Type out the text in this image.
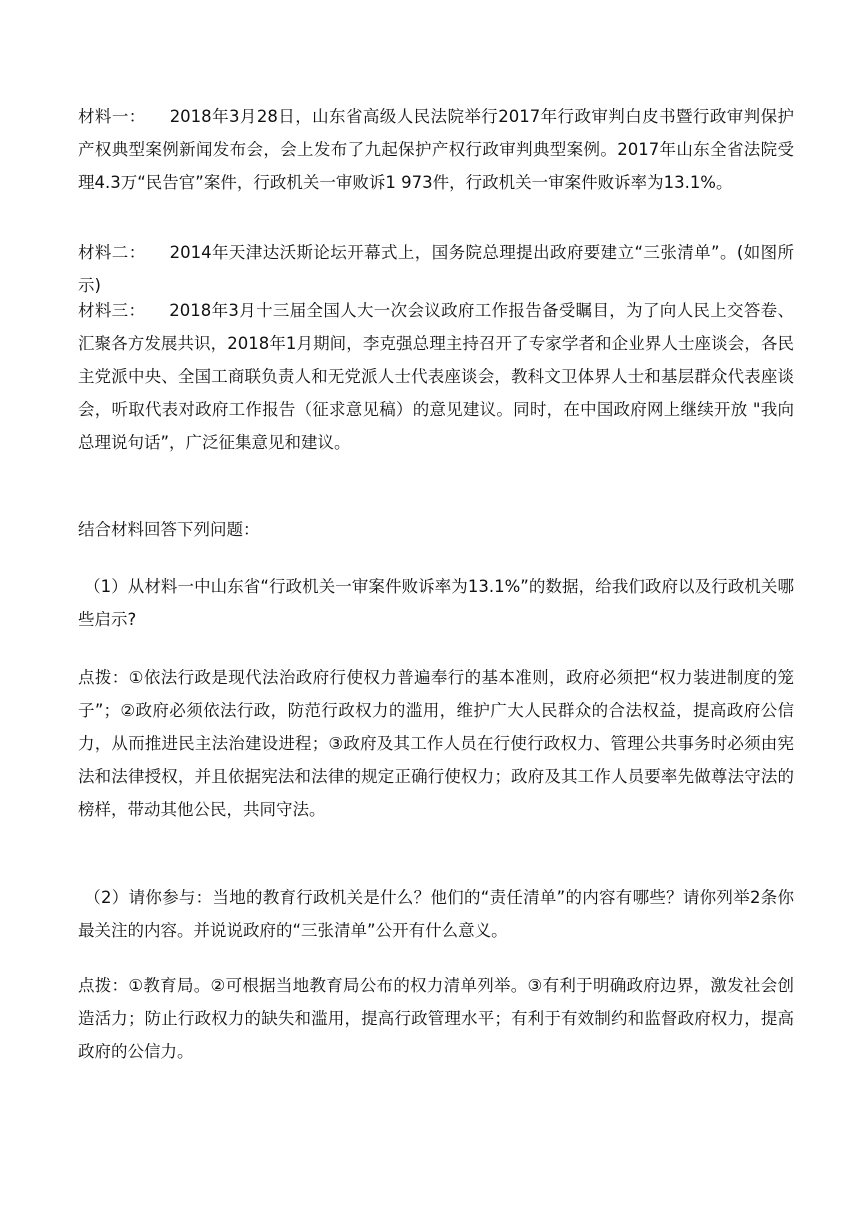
材料一： 2018年3月28日，山东省高级人民法院举行2017年行政审判白皮书暨行政审判保护产权典型案例新闻发布会，会上发布了九起保护产权行政审判典型案例。2017年山东全省法院受理4.3万“民告官”案件，行政机关一审败诉1 973件，行政机关一审案件败诉率为13.1%。

材料二： 2014年天津达沃斯论坛开幕式上，国务院总理提出政府要建立“三张清单”。(如图所示)

材料三： 2018年3月十三届全国人大一次会议政府工作报告备受瞩目，为了向人民上交答卷、汇聚各方发展共识，2018年1月期间，李克强总理主持召开了专家学者和企业界人士座谈会，各民主党派中央、全国工商联负责人和无党派人士代表座谈会，教科文卫体界人士和基层群众代表座谈会，听取代表对政府工作报告（征求意见稿）的意见建议。同时，在中国政府网上继续开放 "我向总理说句话”，广泛征集意见和建议。

结合材料回答下列问题：

（1）从材料一中山东省“行政机关一审案件败诉率为13.1%”的数据，给我们政府以及行政机关哪些启示?

点拨：①依法行政是现代法治政府行使权力普遍奉行的基本准则，政府必须把“权力装进制度的笼子”；②政府必须依法行政，防范行政权力的滥用，维护广大人民群众的合法权益，提高政府公信力，从而推进民主法治建设进程；③政府及其工作人员在行使行政权力、管理公共事务时必须由宪法和法律授权，并且依据宪法和法律的规定正确行使权力；政府及其工作人员要率先做尊法守法的榜样，带动其他公民，共同守法。

（2）请你参与：当地的教育行政机关是什么？他们的“责任清单”的内容有哪些？请你列举2条你最关注的内容。并说说政府的“三张清单”公开有什么意义。

点拨：①教育局。②可根据当地教育局公布的权力清单列举。③有利于明确政府边界，激发社会创造活力；防止行政权力的缺失和滥用，提高行政管理水平；有利于有效制约和监督政府权力，提高政府的公信力。
